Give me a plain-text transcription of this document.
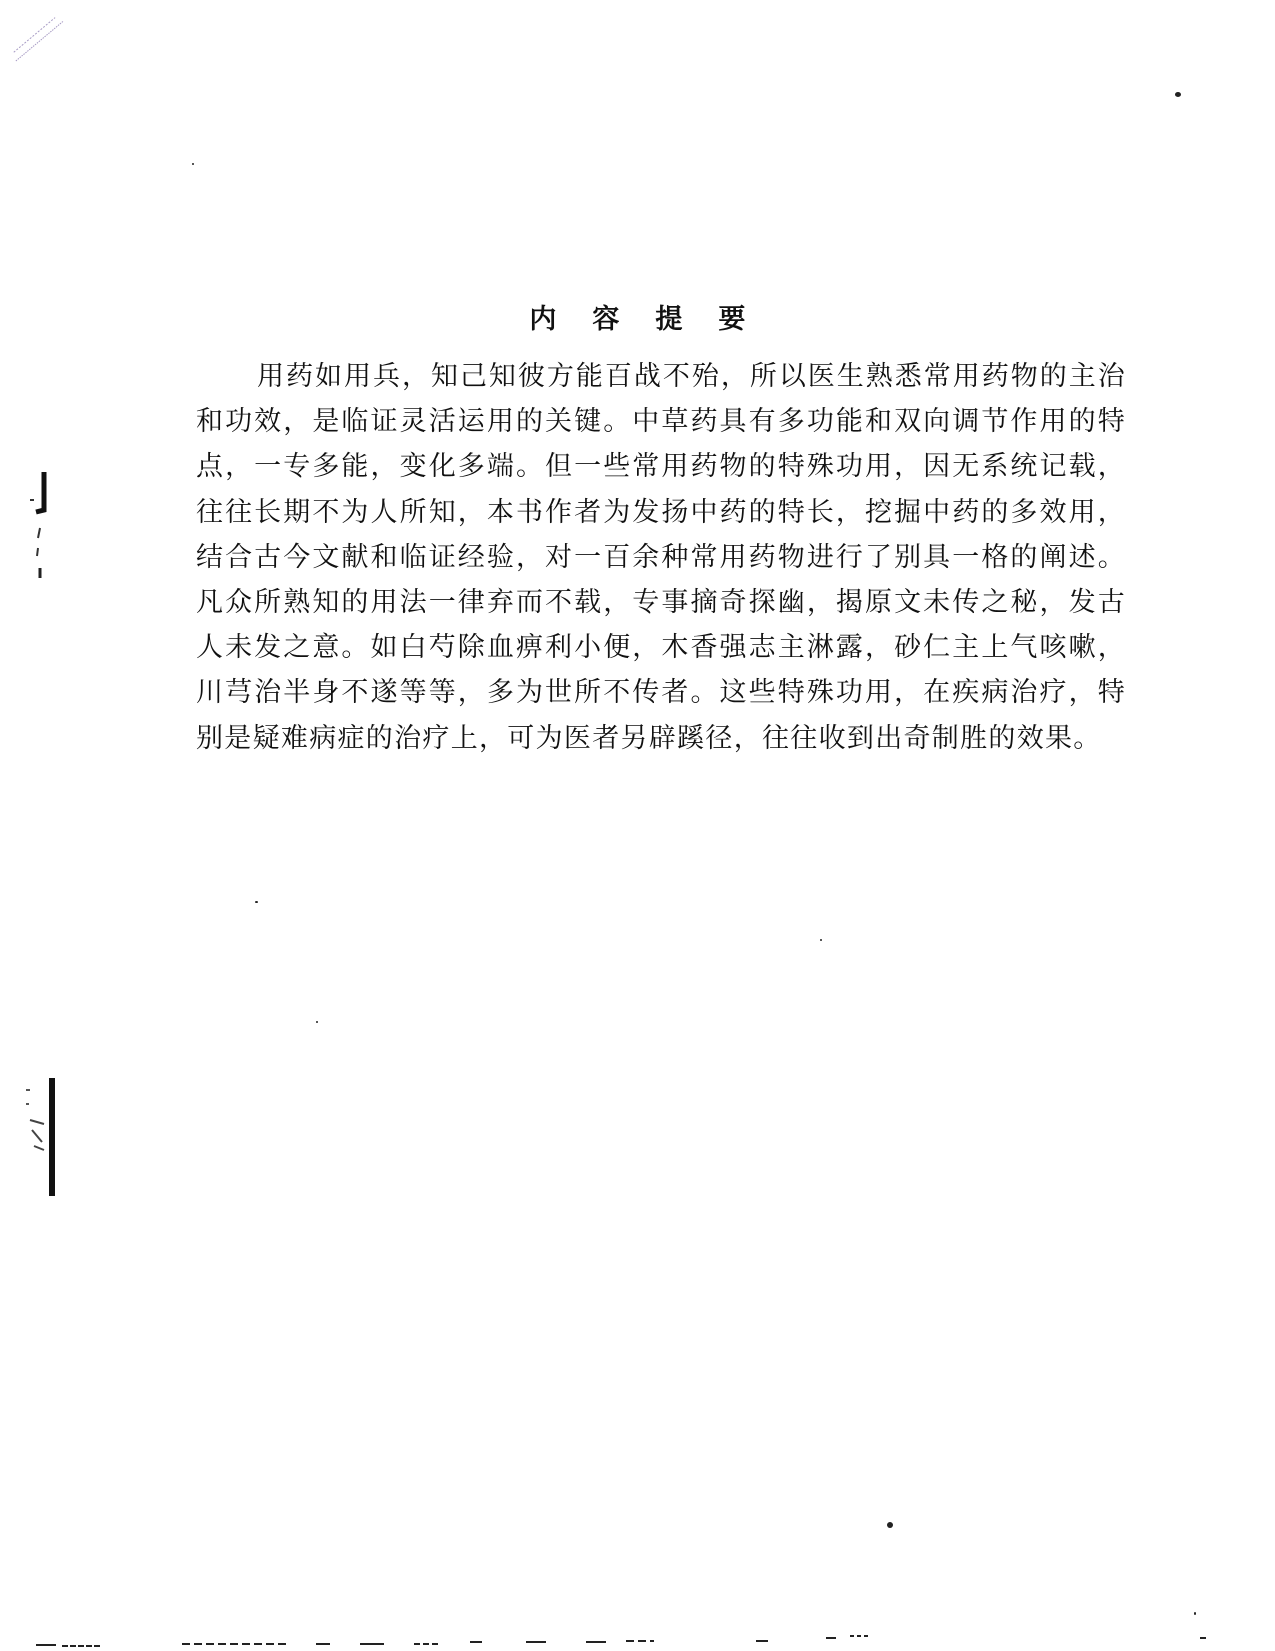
内 容 提 要

用药如用兵，知己知彼方能百战不殆，所以医生熟悉常用药物的主治和功效，是临证灵活运用的关键。中草药具有多功能和双向调节作用的特点，一专多能，变化多端。但一些常用药物的特殊功用，因无系统记载，往往长期不为人所知，本书作者为发扬中药的特长，挖掘中药的多效用，结合古今文献和临证经验，对一百余种常用药物进行了别具一格的阐述。凡众所熟知的用法一律弃而不载，专事摘奇探幽，揭原文未传之秘，发古人未发之意。如白芍除血痹利小便，木香强志主淋露，砂仁主上气咳嗽，川芎治半身不遂等等，多为世所不传者。这些特殊功用，在疾病治疗，特别是疑难病症的治疗上，可为医者另辟蹊径，往往收到出奇制胜的效果。
